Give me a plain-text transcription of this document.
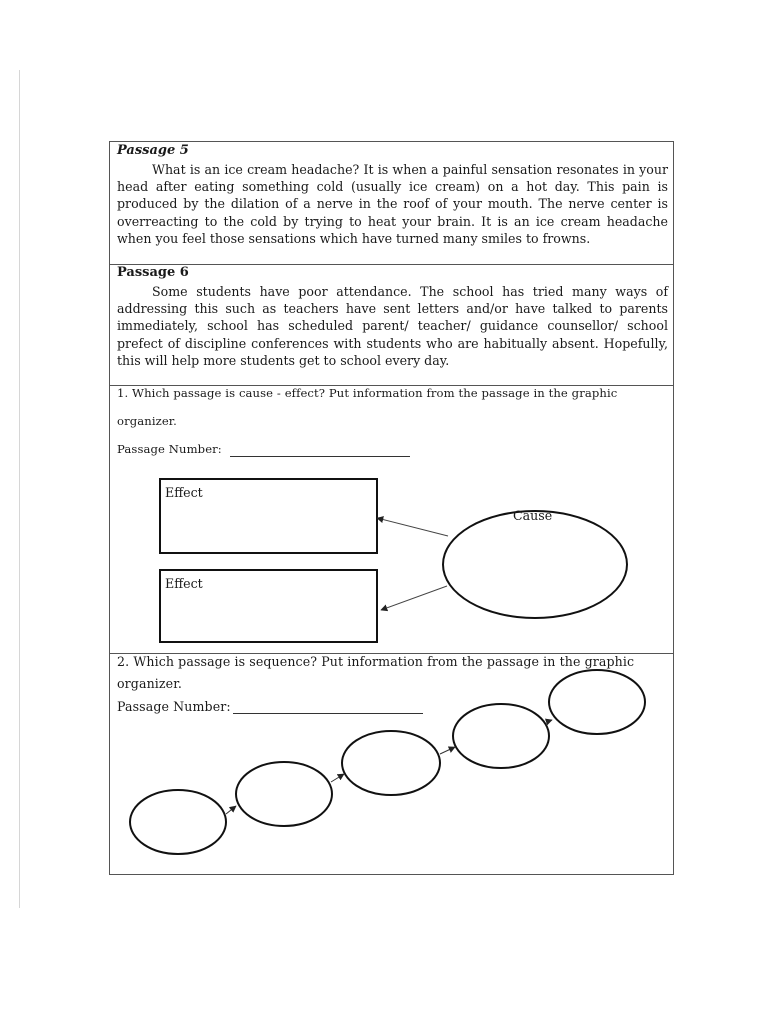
Passage 5
What is an ice cream headache? It is when a painful sensation resonates in your head after eating something cold (usually ice cream) on a hot day. This pain is produced by the dilation of a nerve in the roof of your mouth. The nerve center is overreacting to the cold by trying to heat your brain. It is an ice cream headache when you feel those sensations which have turned many smiles to frowns.
Passage 6
Some students have poor attendance. The school has tried many ways of addressing this such as teachers have sent letters and/or have talked to parents immediately, school has scheduled parent/ teacher/ guidance counsellor/ school prefect of discipline conferences with students who are habitually absent. Hopefully, this will help more students get to school every day.
1. Which passage is cause - effect? Put information from the passage in the graphic
organizer.
Passage Number:
Effect
Effect
Cause
2. Which passage is sequence? Put information from the passage in the graphic
organizer.
Passage Number:
